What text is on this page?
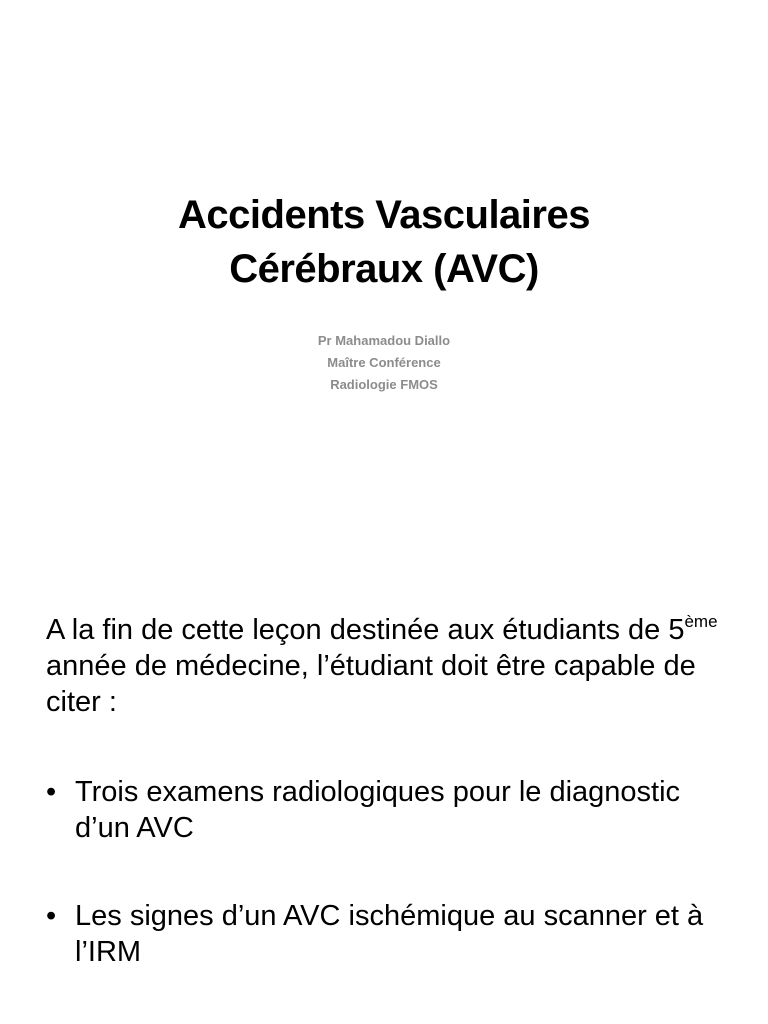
Accidents Vasculaires
Cérébraux (AVC)
Pr Mahamadou Diallo
Maître Conférence
Radiologie FMOS
A la fin de cette leçon destinée aux étudiants de 5ème année de médecine, l’étudiant doit être capable de citer :
• Trois examens radiologiques pour le diagnostic d’un AVC
• Les signes d’un AVC ischémique au scanner et à l’IRM
